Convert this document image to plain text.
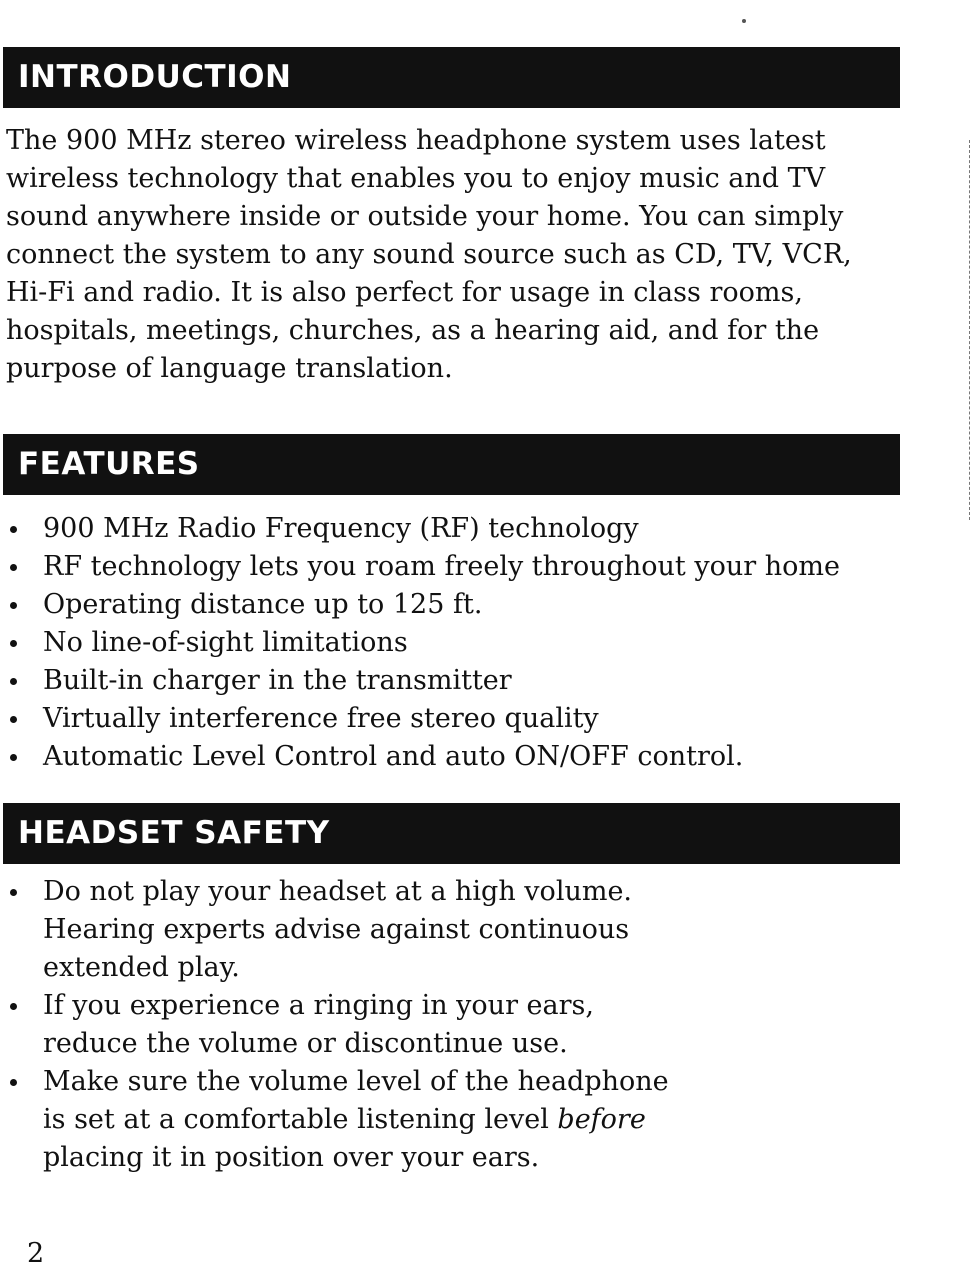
INTRODUCTION

The 900 MHz stereo wireless headphone system uses latest
wireless technology that enables you to enjoy music and TV
sound anywhere inside or outside your home. You can simply
connect the system to any sound source such as CD, TV, VCR,
Hi-Fi and radio. It is also perfect for usage in class rooms,
hospitals, meetings, churches, as a hearing aid, and for the
purpose of language translation.

FEATURES
900 MHz Radio Frequency (RF) technology
RF technology lets you roam freely throughout your home
Operating distance up to 125 ft.
No line-of-sight limitations
Built-in charger in the transmitter
Virtually interference free stereo quality
Automatic Level Control and auto ON/OFF control.
HEADSET SAFETY
Do not play your headset at a high volume.
Hearing experts advise against continuous
extended play.
If you experience a ringing in your ears,
reduce the volume or discontinue use.
Make sure the volume level of the headphone
is set at a comfortable listening level before
placing it in position over your ears.
2
